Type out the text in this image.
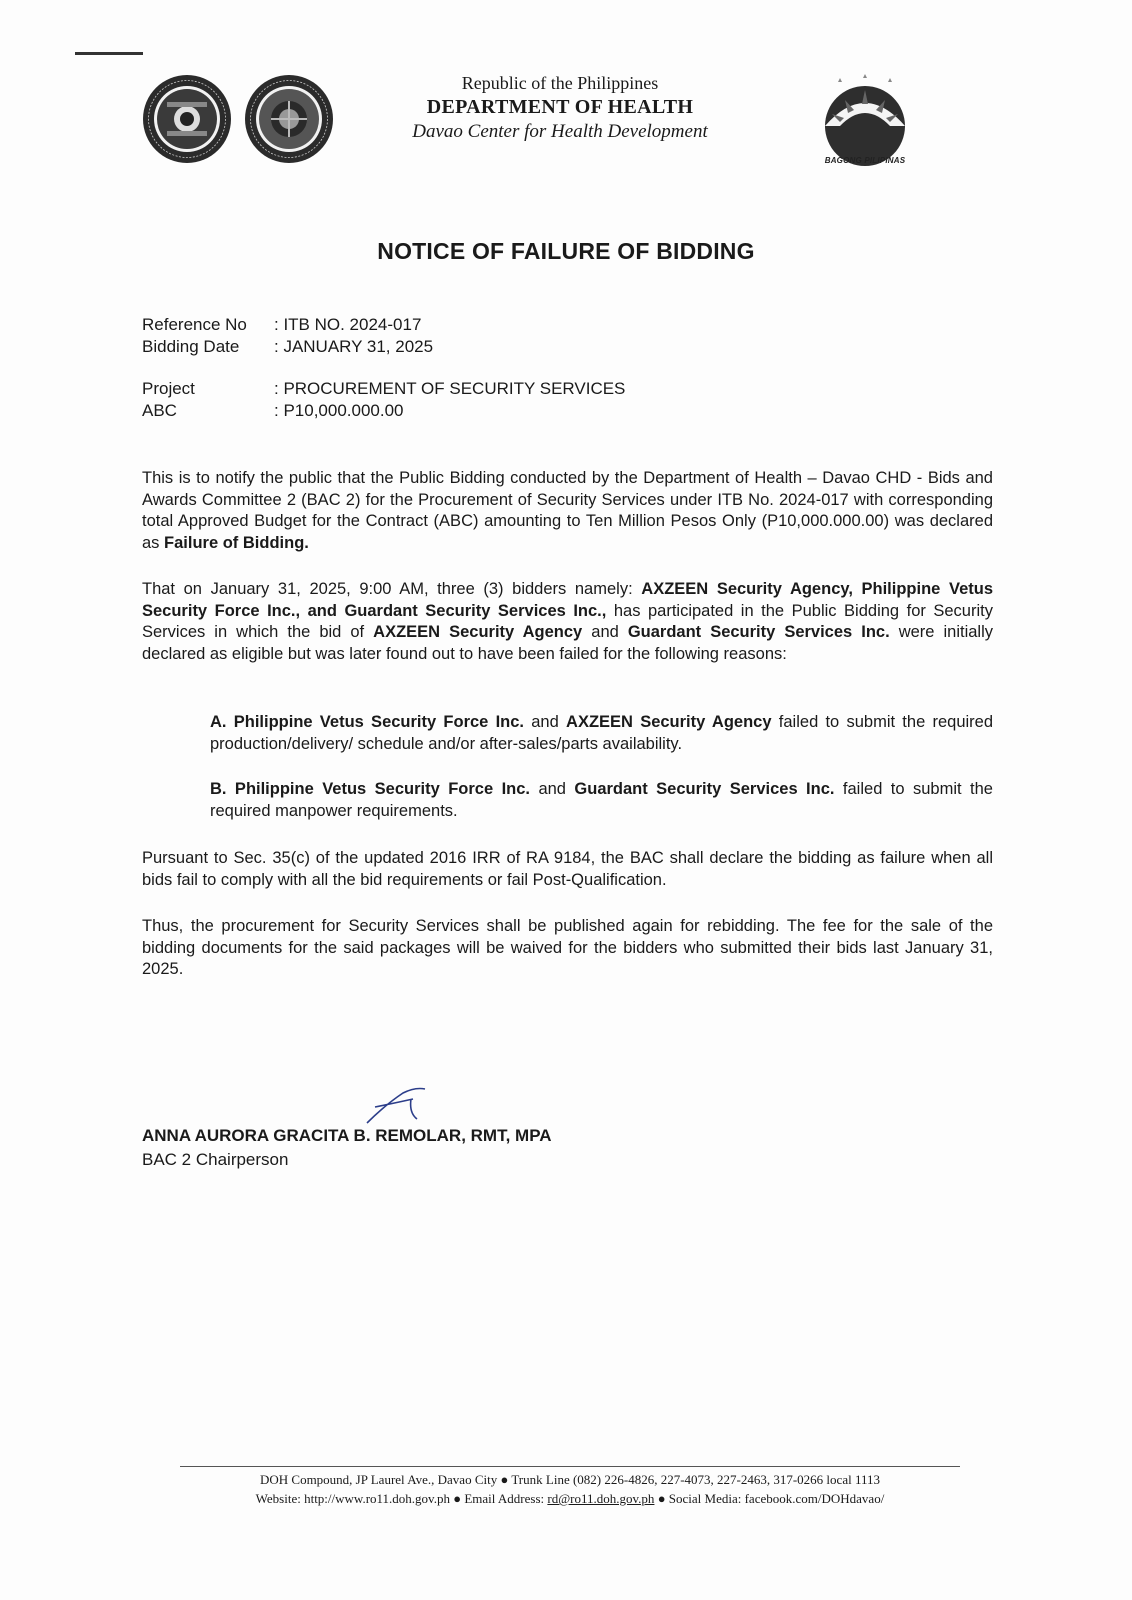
BAGONG PILIPINAS
Republic of the Philippines
DEPARTMENT OF HEALTH
Davao Center for Health Development
NOTICE OF FAILURE OF BIDDING
Reference No : ITB NO. 2024-017
Bidding Date : JANUARY 31, 2025
Project	: PROCUREMENT OF SECURITY SERVICES
ABC	: P10,000.000.00
This is to notify the public that the Public Bidding conducted by the Department of Health – Davao CHD - Bids and Awards Committee 2 (BAC 2) for the Procurement of Security Services under ITB No. 2024-017 with corresponding total Approved Budget for the Contract (ABC) amounting to Ten Million Pesos Only (P10,000.000.00) was declared as Failure of Bidding.
That on January 31, 2025, 9:00 AM, three (3) bidders namely: AXZEEN Security Agency, Philippine Vetus Security Force Inc., and Guardant Security Services Inc., has participated in the Public Bidding for Security Services in which the bid of AXZEEN Security Agency and Guardant Security Services Inc. were initially declared as eligible but was later found out to have been failed for the following reasons:
A. Philippine Vetus Security Force Inc. and AXZEEN Security Agency failed to submit the required production/delivery/ schedule and/or after-sales/parts availability.
B. Philippine Vetus Security Force Inc. and Guardant Security Services Inc. failed to submit the required manpower requirements.
Pursuant to Sec. 35(c) of the updated 2016 IRR of RA 9184, the BAC shall declare the bidding as failure when all bids fail to comply with all the bid requirements or fail Post-Qualification.
Thus, the procurement for Security Services shall be published again for rebidding. The fee for the sale of the bidding documents for the said packages will be waived for the bidders who submitted their bids last January 31, 2025.
ANNA AURORA GRACITA B. REMOLAR, RMT, MPA
BAC 2 Chairperson
DOH Compound, JP Laurel Ave., Davao City ● Trunk Line (082) 226-4826, 227-4073, 227-2463, 317-0266 local 1113
Website: http://www.ro11.doh.gov.ph ● Email Address: rd@ro11.doh.gov.ph ● Social Media: facebook.com/DOHdavao/
